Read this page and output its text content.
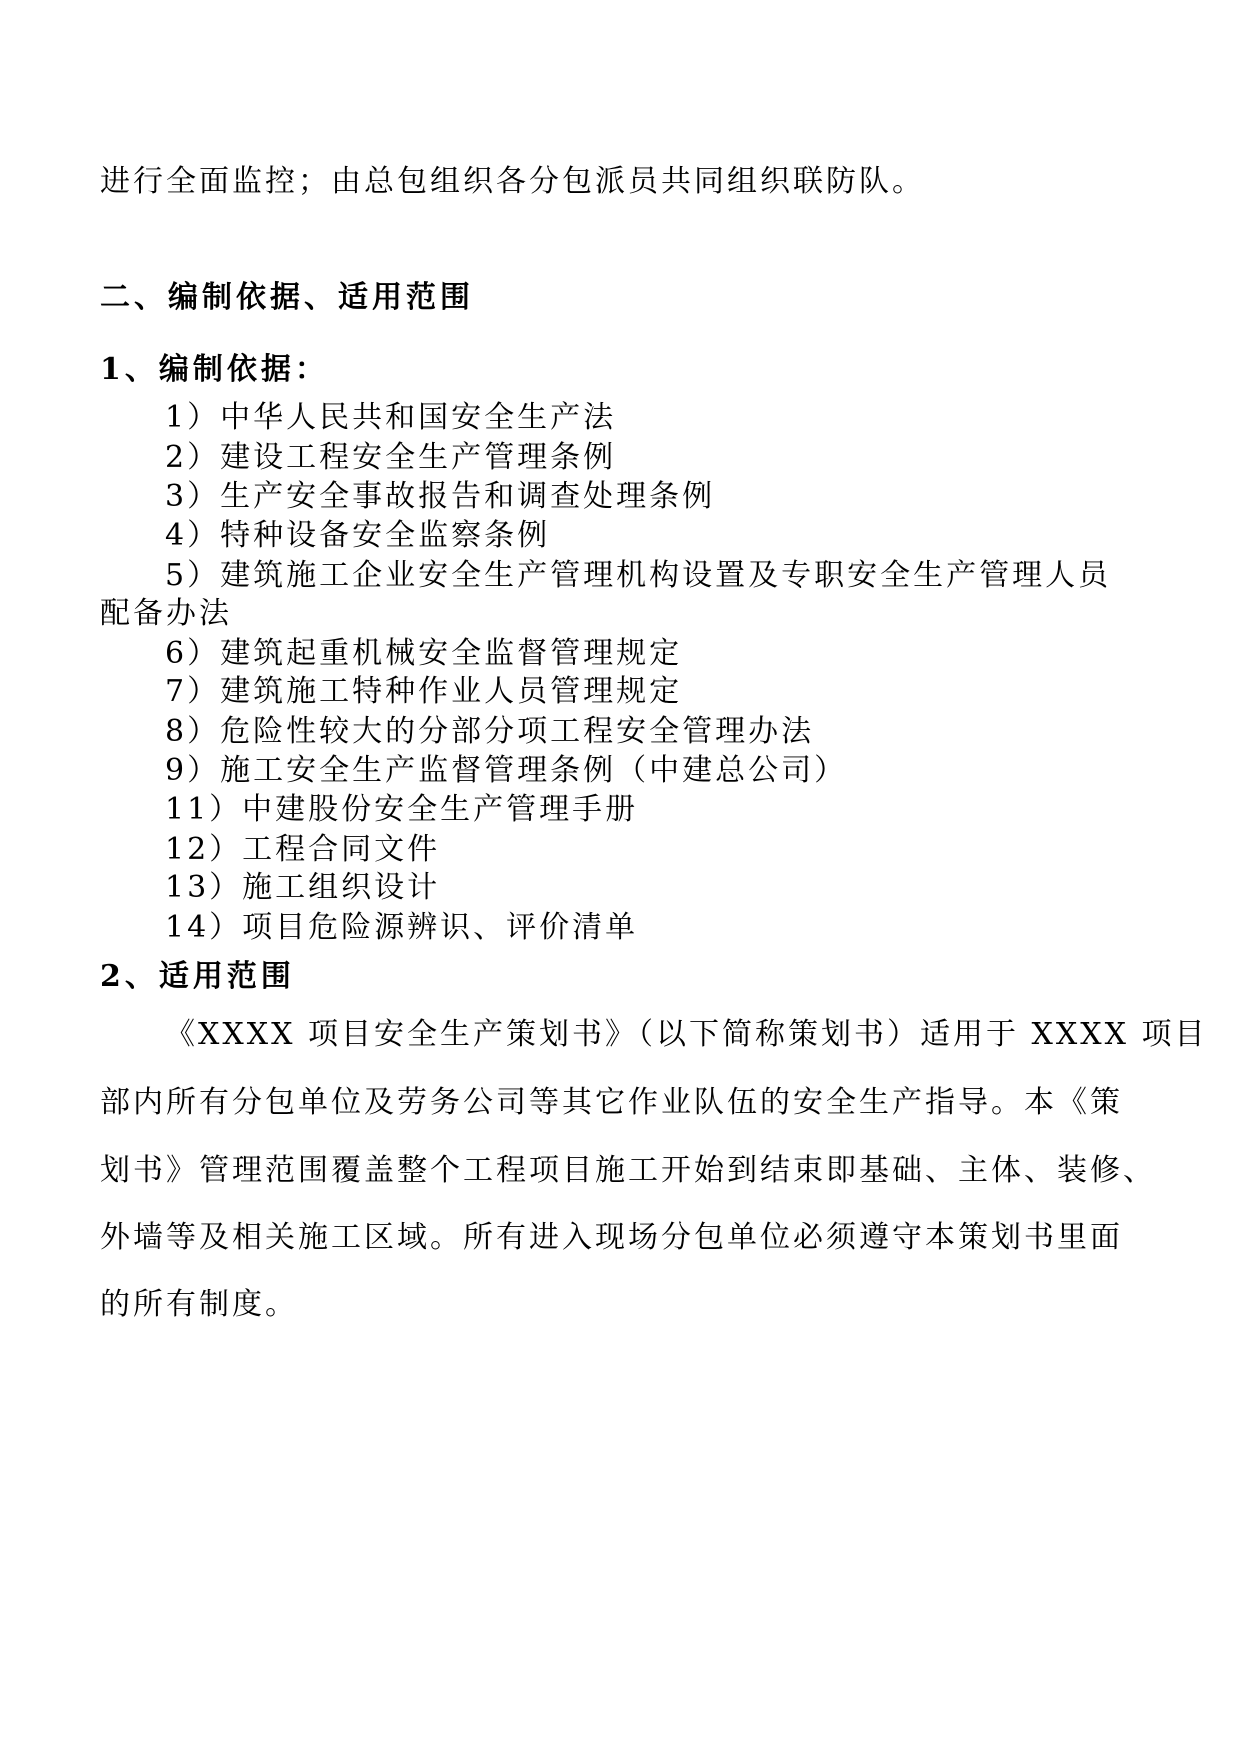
进行全面监控；由总包组织各分包派员共同组织联防队。
二、编制依据、适用范围
1、编制依据：
1）中华人民共和国安全生产法
2）建设工程安全生产管理条例
3）生产安全事故报告和调查处理条例
4）特种设备安全监察条例
5）建筑施工企业安全生产管理机构设置及专职安全生产管理人员
配备办法
6）建筑起重机械安全监督管理规定
7）建筑施工特种作业人员管理规定
8）危险性较大的分部分项工程安全管理办法
9）施工安全生产监督管理条例（中建总公司）
11）中建股份安全生产管理手册
12）工程合同文件
13）施工组织设计
14）项目危险源辨识、评价清单
2、适用范围
《XXXX 项目安全生产策划书》（以下简称策划书）适用于 XXXX 项目
部内所有分包单位及劳务公司等其它作业队伍的安全生产指导。本《策
划书》管理范围覆盖整个工程项目施工开始到结束即基础、主体、装修、
外墙等及相关施工区域。所有进入现场分包单位必须遵守本策划书里面
的所有制度。
